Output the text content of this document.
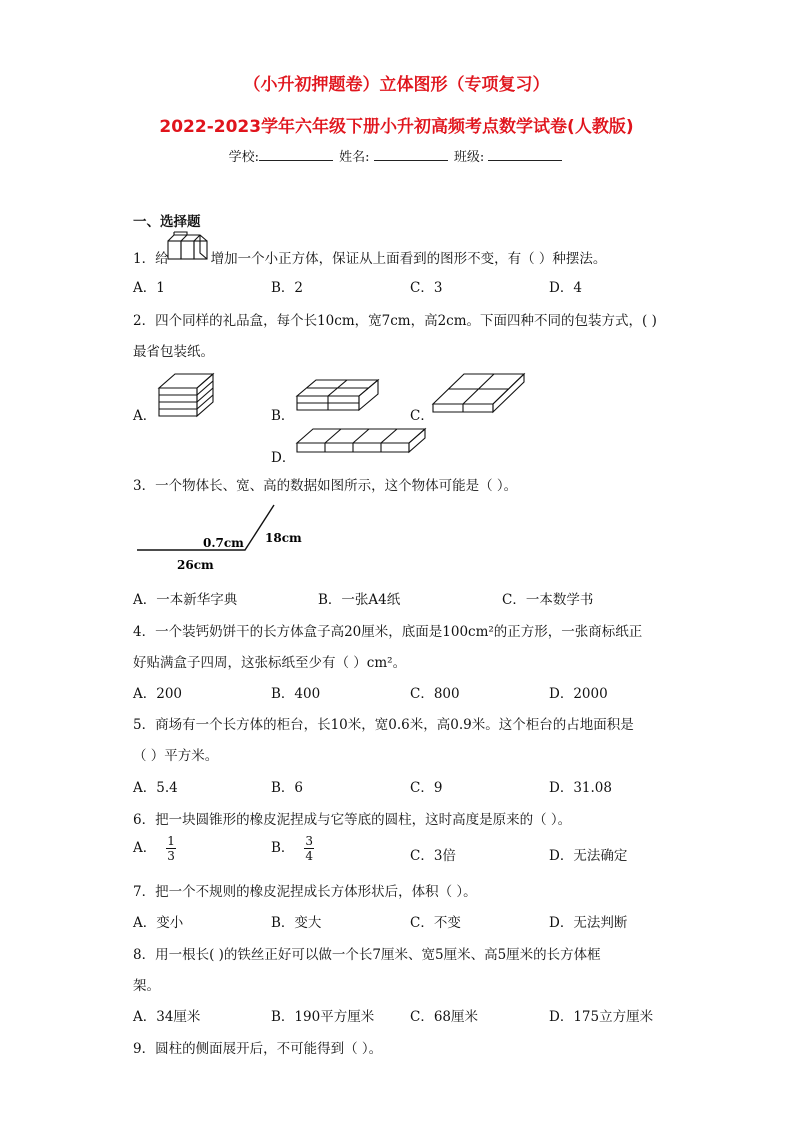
（小升初押题卷）立体图形（专项复习）
2022-2023学年六年级下册小升初高频考点数学试卷(人教版)
学校:	姓名:	班级:
一、选择题
1．给	增加一个小正方体，保证从上面看到的图形不变，有（ ）种摆法。
A．1	B．2	C．3	D．4
2．四个同样的礼品盒，每个长10cm，宽7cm，高2cm。下面四种不同的包装方式，( )
最省包装纸。
A．	B．	C．
D．
3．一个物体长、宽、高的数据如图所示，这个物体可能是（ ）。
0.7cm 18cm
26cm
A．一本新华字典	B．一张A4纸	C．一本数学书
4．一个装钙奶饼干的长方体盒子高20厘米，底面是100cm²的正方形，一张商标纸正
好贴满盒子四周，这张标纸至少有（ ）cm²。
A．200	B．400	C．800	D．2000
5．商场有一个长方体的柜台，长10米，宽0.6米，高0.9米。这个柜台的占地面积是
（ ）平方米。
A．5.4	B．6	C．9	D．31.08
6．把一块圆锥形的橡皮泥捏成与它等底的圆柱，这时高度是原来的（ ）。
A． $\frac{1}{3}$	B． $\frac{3}{4}$	C．3倍	D．无法确定
7．把一个不规则的橡皮泥捏成长方体形状后，体积（ ）。
A．变小	B．变大	C．不变	D．无法判断
8．用一根长( )的铁丝正好可以做一个长7厘米、宽5厘米、高5厘米的长方体框
架。
A．34厘米	B．190平方厘米	C．68厘米	D．175立方厘米
9．圆柱的侧面展开后，不可能得到（ ）。
